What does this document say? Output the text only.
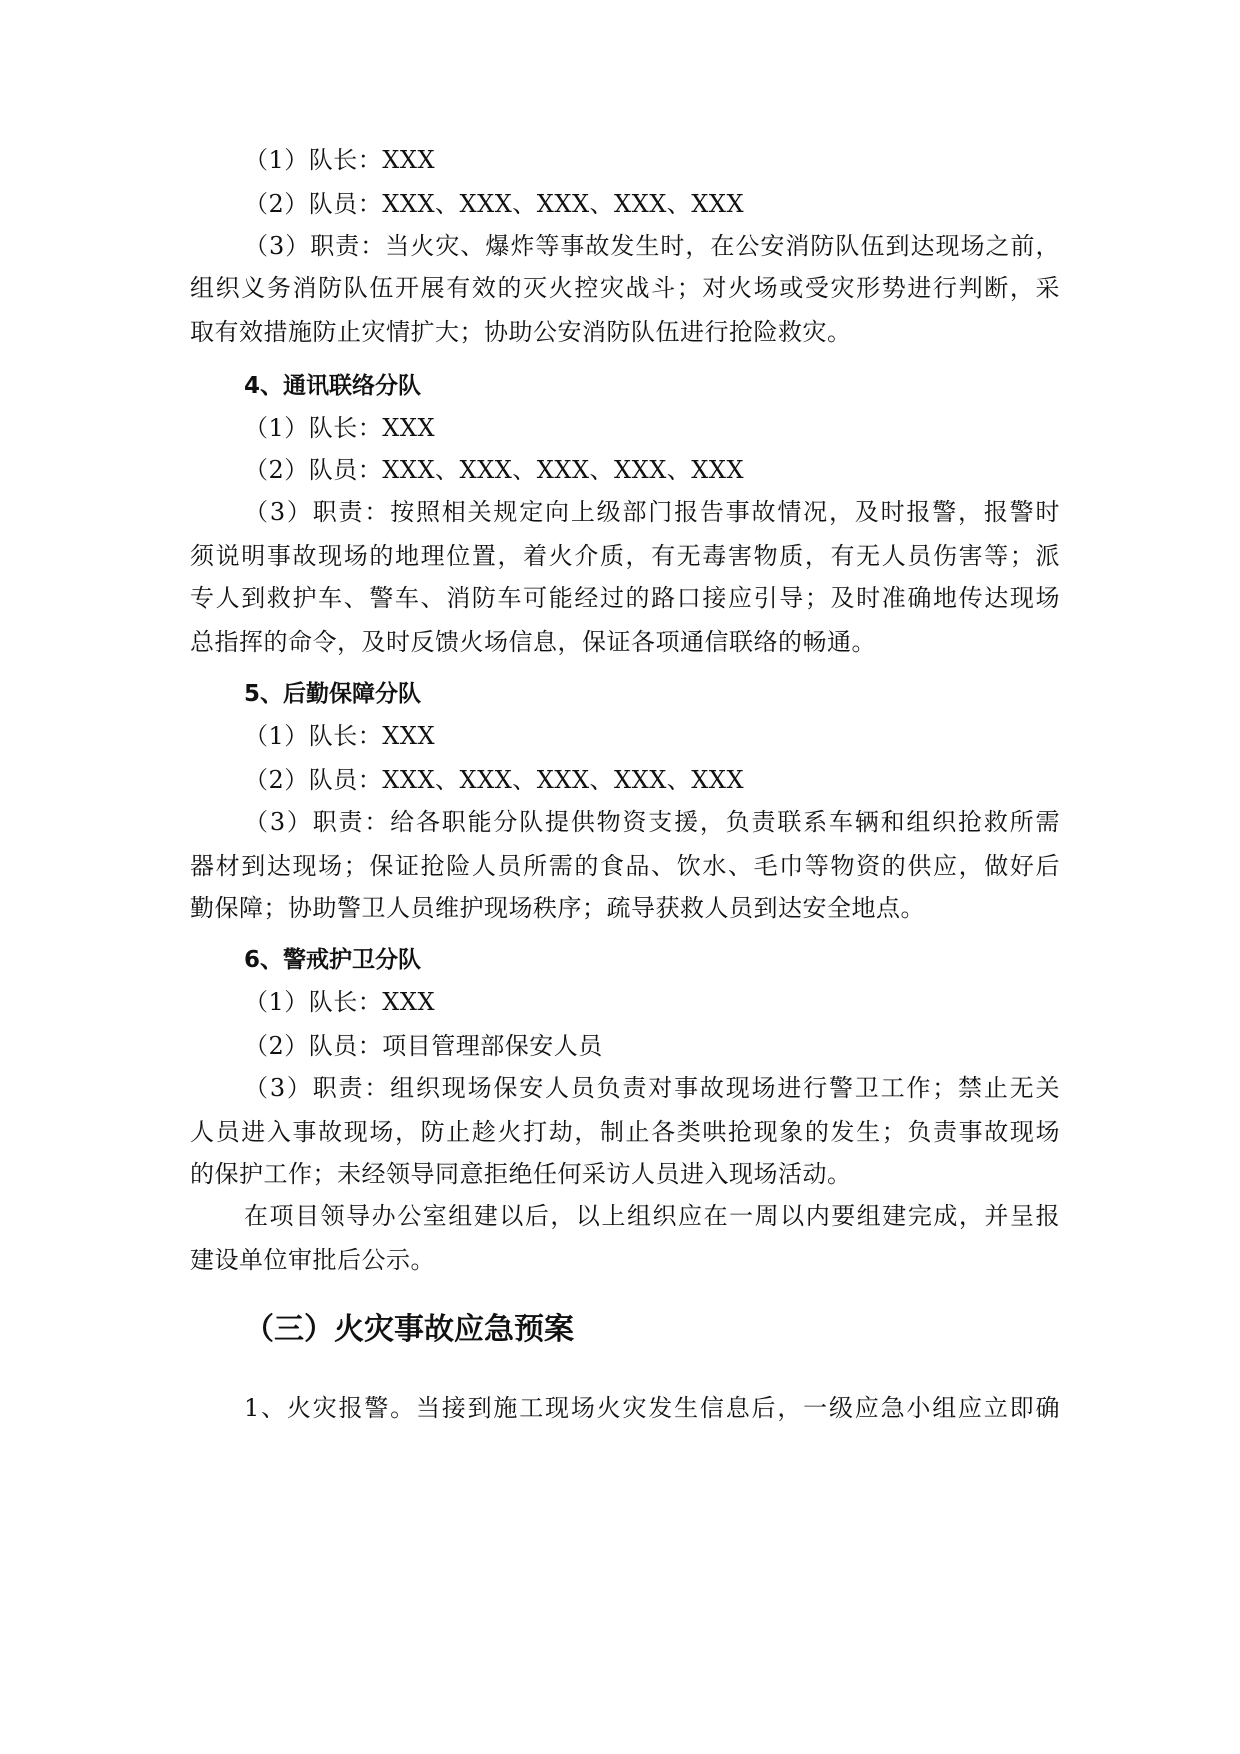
（1）队长：XXX
（2）队员：XXX、XXX、XXX、XXX、XXX
（3）职责：当火灾、爆炸等事故发生时，在公安消防队伍到达现场之前，
组织义务消防队伍开展有效的灭火控灾战斗；对火场或受灾形势进行判断，采
取有效措施防止灾情扩大；协助公安消防队伍进行抢险救灾。
4、通讯联络分队
（1）队长：XXX
（2）队员：XXX、XXX、XXX、XXX、XXX
（3）职责：按照相关规定向上级部门报告事故情况，及时报警，报警时
须说明事故现场的地理位置，着火介质，有无毒害物质，有无人员伤害等；派
专人到救护车、警车、消防车可能经过的路口接应引导；及时准确地传达现场
总指挥的命令，及时反馈火场信息，保证各项通信联络的畅通。
5、后勤保障分队
（1）队长：XXX
（2）队员：XXX、XXX、XXX、XXX、XXX
（3）职责：给各职能分队提供物资支援，负责联系车辆和组织抢救所需
器材到达现场；保证抢险人员所需的食品、饮水、毛巾等物资的供应，做好后
勤保障；协助警卫人员维护现场秩序；疏导获救人员到达安全地点。
6、警戒护卫分队
（1）队长：XXX
（2）队员：项目管理部保安人员
（3）职责：组织现场保安人员负责对事故现场进行警卫工作；禁止无关
人员进入事故现场，防止趁火打劫，制止各类哄抢现象的发生；负责事故现场
的保护工作；未经领导同意拒绝任何采访人员进入现场活动。
在项目领导办公室组建以后，以上组织应在一周以内要组建完成，并呈报
建设单位审批后公示。
（三）火灾事故应急预案
1、火灾报警。当接到施工现场火灾发生信息后，一级应急小组应立即确
